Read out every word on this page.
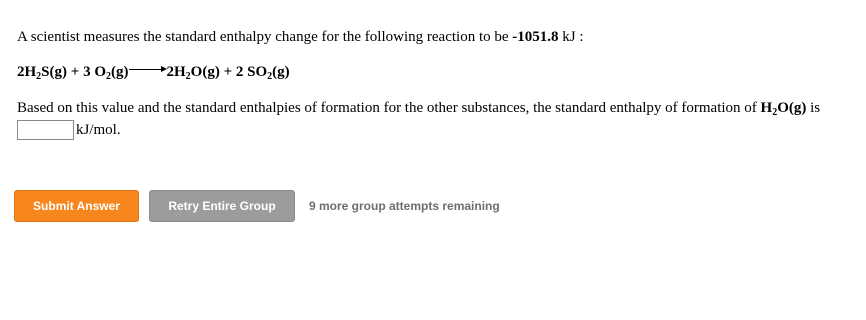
A scientist measures the standard enthalpy change for the following reaction to be -1051.8 kJ :
$2H_2S(g) + 3$ $O_2(g)$	$2H_2O(g) + 2$ $SO_2(g)$
Based on this value and the standard enthalpies of formation for the other substances, the standard enthalpy of formation of $H_2O(g)$ is
kJ/mol.
Submit Answer	Retry Entire Group	9 more group attempts remaining
